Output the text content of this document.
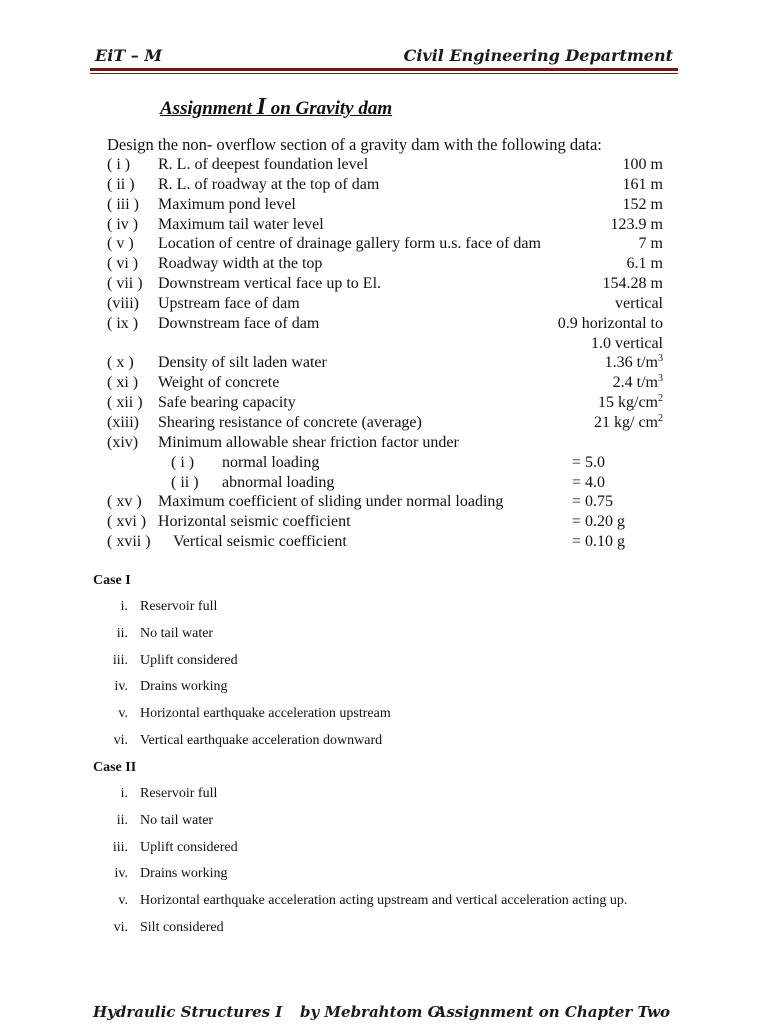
EiT – M	Civil Engineering Department
Assignment I on Gravity dam
Design the non- overflow section of a gravity dam with the following data:
( i ) R. L. of deepest foundation level	100 m
( ii ) R. L. of roadway at the top of dam	161 m
( iii ) Maximum pond level	152 m
( iv ) Maximum tail water level	123.9 m
( v ) Location of centre of drainage gallery form u.s. face of dam	7 m
( vi ) Roadway width at the top	6.1 m
( vii ) Downstream vertical face up to El.	154.28 m
(viii) Upstream face of dam	vertical
( ix ) Downstream face of dam	0.9 horizontal to
1.0 vertical
( x ) Density of silt laden water	1.36 $t/m^3$
( xi ) Weight of concrete	2.4 $t/m^3$
( xii ) Safe bearing capacity	15 $kg/cm^2$
(xiii) Shearing resistance of concrete (average)	21 kg/ $cm^2$
(xiv) Minimum allowable shear friction factor under
( i ) normal loading	= 5.0
( ii ) abnormal loading	= 4.0
( xv ) Maximum coefficient of sliding under normal loading	= 0.75
( xvi ) Horizontal seismic coefficient	= 0.20 g
( xvii ) Vertical seismic coefficient	= 0.10 g
Case I
i. Reservoir full
ii. No tail water
iii. Uplift considered
iv. Drains working
v. Horizontal earthquake acceleration upstream
vi. Vertical earthquake acceleration downward
Case II
i. Reservoir full
ii. No tail water
iii. Uplift considered
iv. Drains working
v. Horizontal earthquake acceleration acting upstream and vertical acceleration acting up.
vi. Silt considered
Hydraulic Structures I by Mebrahtom G.
Assignment on Chapter Two
